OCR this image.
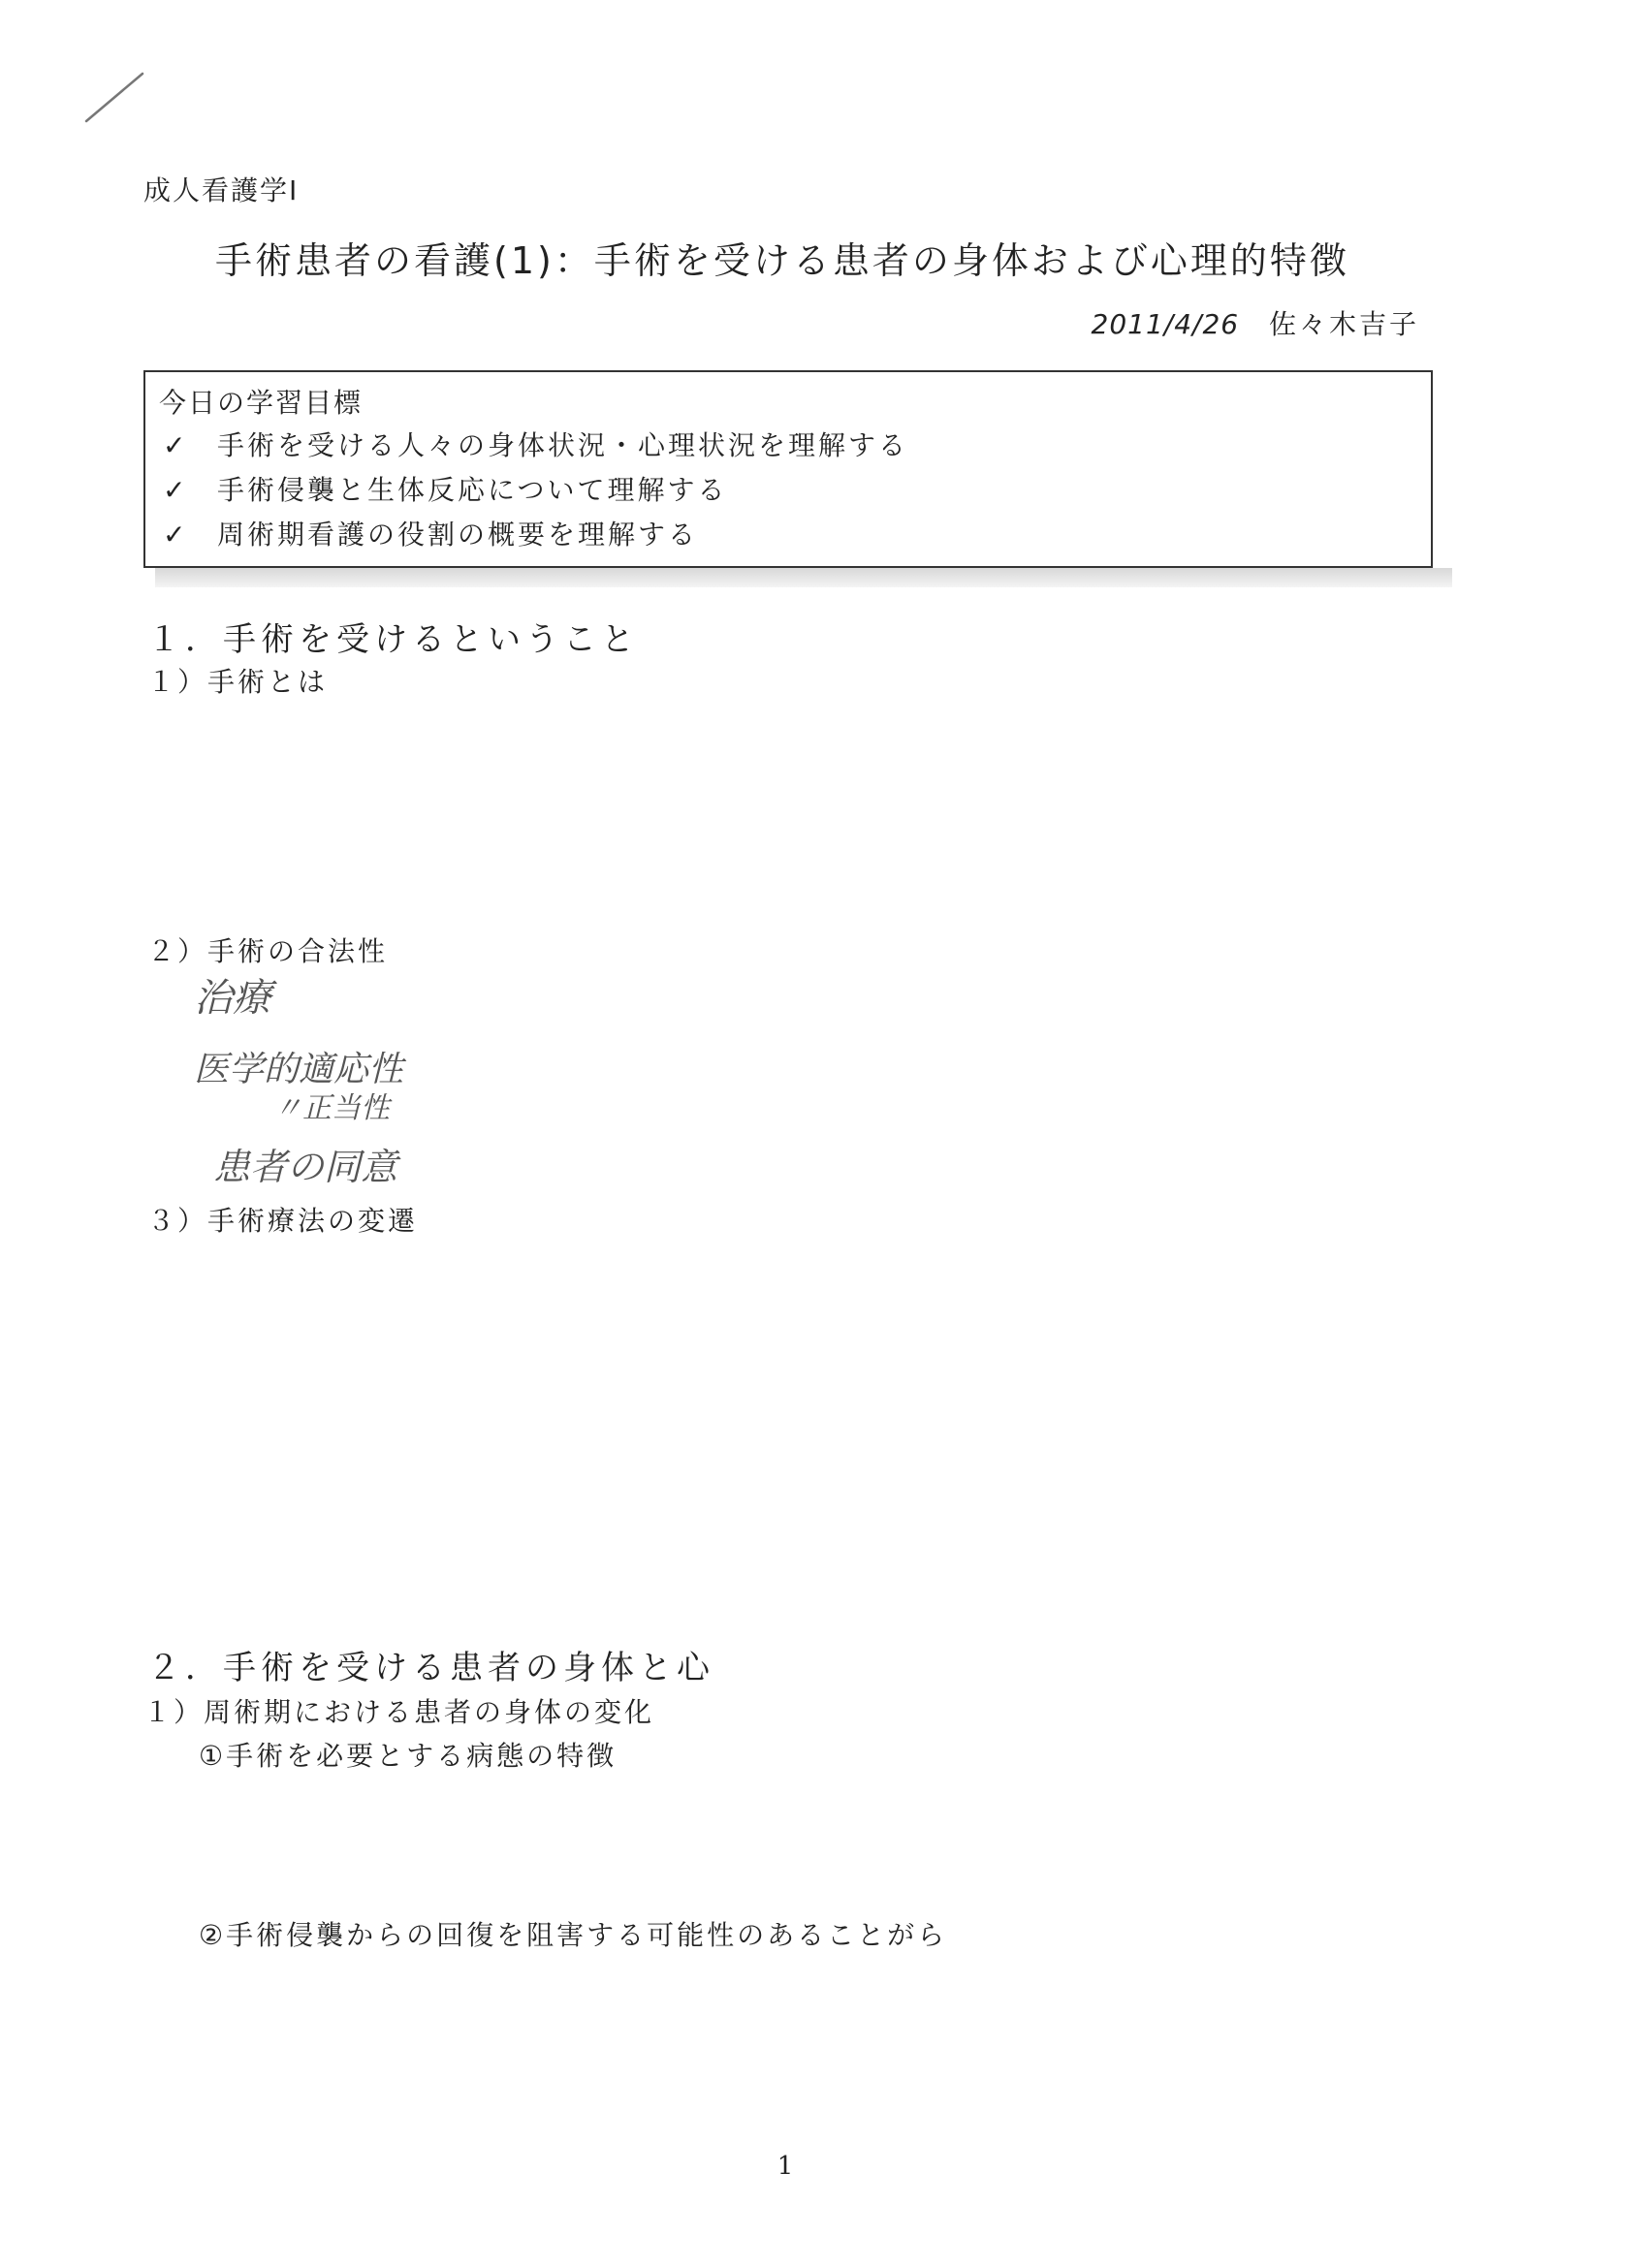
成人看護学Ⅰ
手術患者の看護(1)：手術を受ける患者の身体および心理的特徴
2011/4/26 佐々木吉子
今日の学習目標
✓ 手術を受ける人々の身体状況・心理状況を理解する
✓ 手術侵襲と生体反応について理解する
✓ 周術期看護の役割の概要を理解する
１．手術を受けるということ
１）手術とは
２）手術の合法性
治療
医学的適応性
〃正当性
患者の同意
３）手術療法の変遷
２．手術を受ける患者の身体と心
１）周術期における患者の身体の変化
①手術を必要とする病態の特徴
②手術侵襲からの回復を阻害する可能性のあることがら
1
